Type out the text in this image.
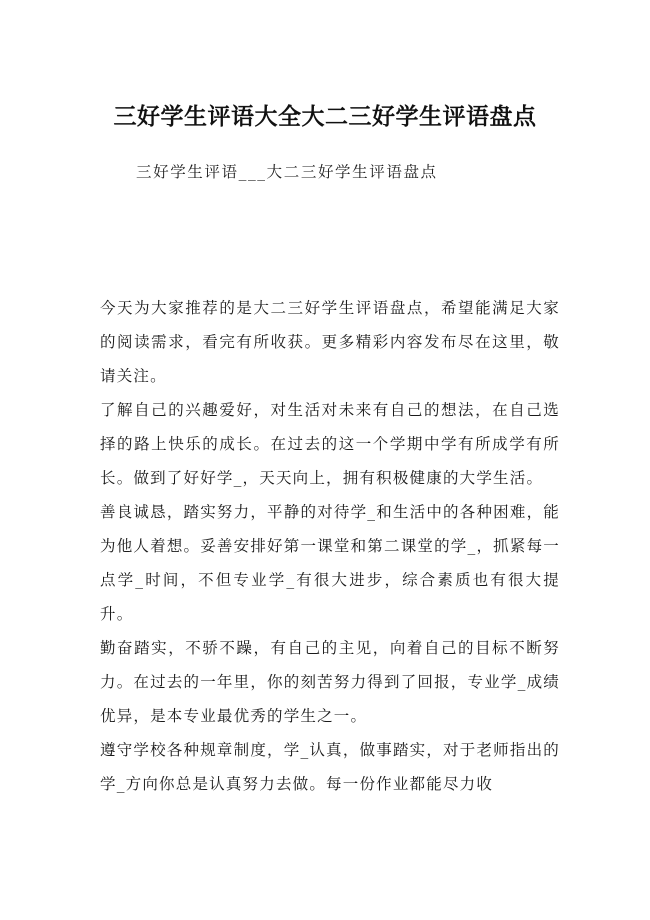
三好学生评语大全大二三好学生评语盘点

三好学生评语___大二三好学生评语盘点

今天为大家推荐的是大二三好学生评语盘点，希望能满足大家的阅读需求，看完有所收获。更多精彩内容发布尽在这里，敬请关注。

了解自己的兴趣爱好，对生活对未来有自己的想法，在自己选择的路上快乐的成长。在过去的这一个学期中学有所成学有所长。做到了好好学_，天天向上，拥有积极健康的大学生活。

善良诚恳，踏实努力，平静的对待学_和生活中的各种困难，能为他人着想。妥善安排好第一课堂和第二课堂的学_，抓紧每一点学_时间，不但专业学_有很大进步，综合素质也有很大提升。

勤奋踏实，不骄不躁，有自己的主见，向着自己的目标不断努力。在过去的一年里，你的刻苦努力得到了回报，专业学_成绩优异，是本专业最优秀的学生之一。

遵守学校各种规章制度，学_认真，做事踏实，对于老师指出的学_方向你总是认真努力去做。每一份作业都能尽力收
